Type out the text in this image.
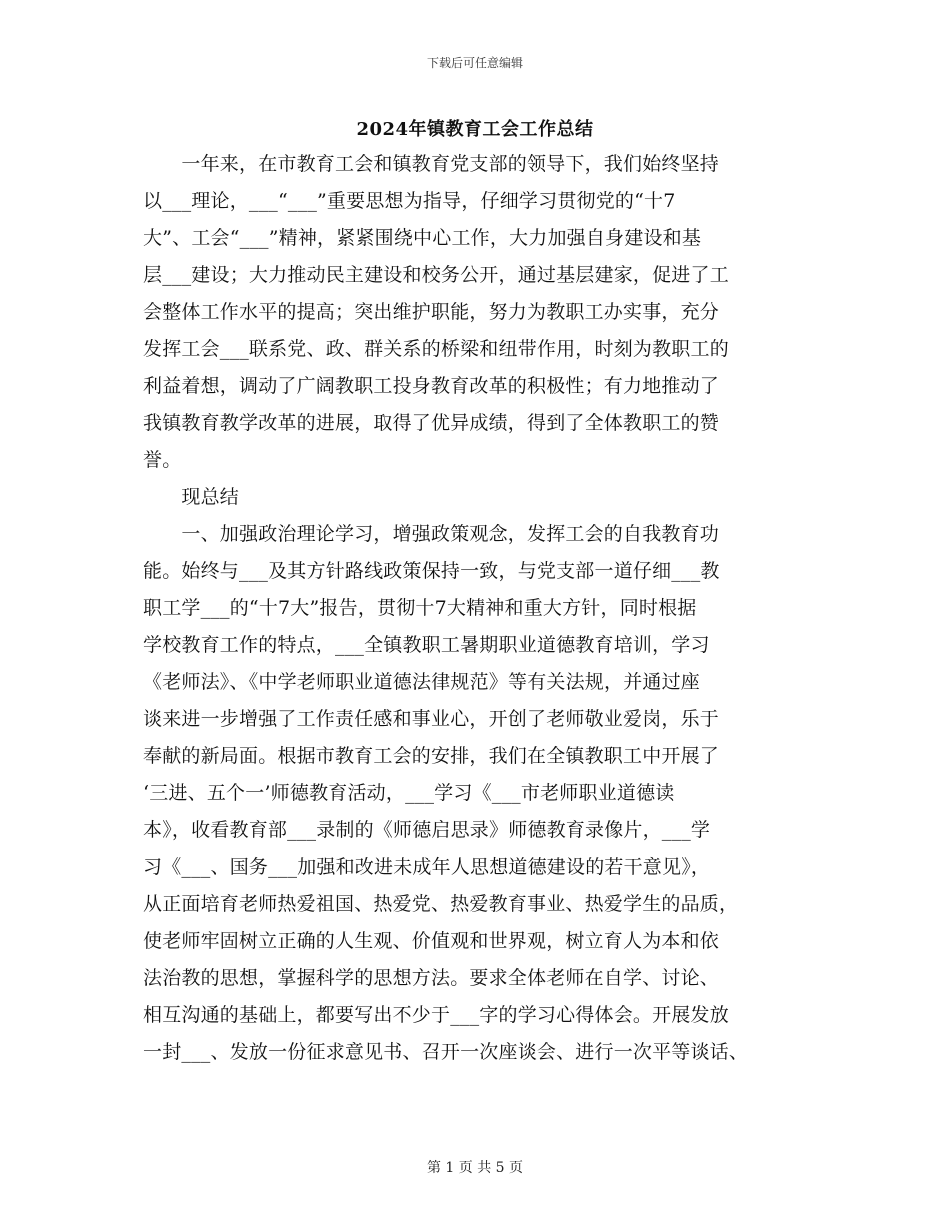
下载后可任意编辑
2024年镇教育工会工作总结
　　一年来，在市教育工会和镇教育党支部的领导下，我们始终坚持
以___理论，___“___”重要思想为指导，仔细学习贯彻党的“十7
大”、工会“___”精神，紧紧围绕中心工作，大力加强自身建设和基
层___建设；大力推动民主建设和校务公开，通过基层建家，促进了工
会整体工作水平的提高；突出维护职能，努力为教职工办实事，充分
发挥工会___联系党、政、群关系的桥梁和纽带作用，时刻为教职工的
利益着想，调动了广阔教职工投身教育改革的积极性；有力地推动了
我镇教育教学改革的进展，取得了优异成绩，得到了全体教职工的赞
誉。
　　现总结
　　一、加强政治理论学习，增强政策观念，发挥工会的自我教育功
能。始终与___及其方针路线政策保持一致，与党支部一道仔细___教
职工学___的“十7大”报告，贯彻十7大精神和重大方针，同时根据
学校教育工作的特点，___全镇教职工暑期职业道德教育培训，学习
《老师法》、《中学老师职业道德法律规范》等有关法规，并通过座
谈来进一步增强了工作责任感和事业心，开创了老师敬业爱岗，乐于
奉献的新局面。根据市教育工会的安排，我们在全镇教职工中开展了
‘三进、五个一’师德教育活动，___学习《___市老师职业道德读
本》，收看教育部___录制的《师德启思录》师德教育录像片，___学
习《___、国务___加强和改进未成年人思想道德建设的若干意见》，
从正面培育老师热爱祖国、热爱党、热爱教育事业、热爱学生的品质，
使老师牢固树立正确的人生观、价值观和世界观，树立育人为本和依
法治教的思想，掌握科学的思想方法。要求全体老师在自学、讨论、
相互沟通的基础上，都要写出不少于___字的学习心得体会。开展发放
一封___、发放一份征求意见书、召开一次座谈会、进行一次平等谈话、
第 1 页 共 5 页
